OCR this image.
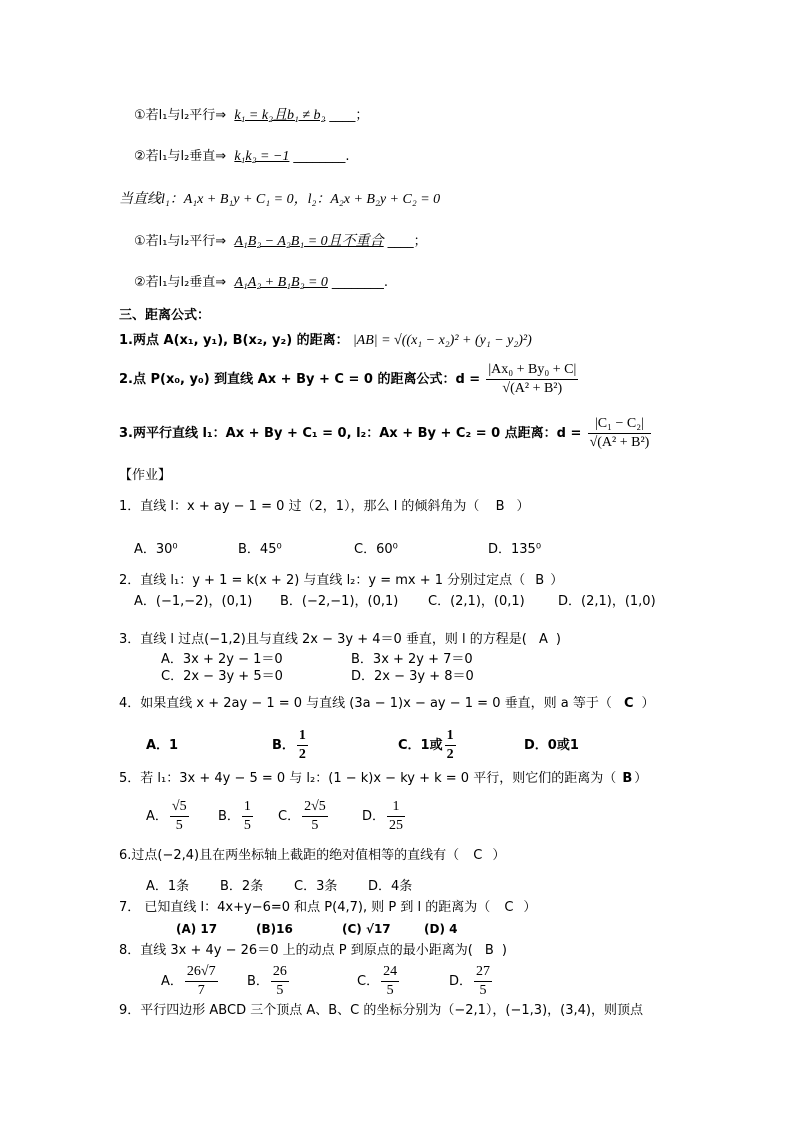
①若l₁与l₂平行⇒ k₁ = k₂且b₁ ≠ b₂ ____；
②若l₁与l₂垂直⇒ k₁k₂ = −1 ________.
当直线l₁：A₁x + B₁y + C₁ = 0，l₂：A₂x + B₂y + C₂ = 0
①若l₁与l₂平行⇒ A₁B₂ − A₂B₁ = 0且不重合 ____；
②若l₁与l₂垂直⇒ A₁A₂ + B₁B₂ = 0 ________.
三、距离公式：
1.两点 A(x₁, y₁), B(x₂, y₂) 的距离： |AB| = √((x₁ − x₂)² + (y₁ − y₂)²)
2.点 P(x₀, y₀) 到直线 Ax + By + C = 0 的距离公式：$d = \frac{\text{|Ax₀ + By₀ + C|}}{\text{√(A² + B²)}}$
3.两平行直线 l₁：Ax + By + C₁ = 0, l₂：Ax + By + C₂ = 0 点距离：$d = \frac{\text{|C₁ − C₂|}}{\text{√(A² + B²)}}$
【作业】
1．直线 l：x + ay − 1 = 0 过（2，1），那么 l 的倾斜角为（ B ）
A．30⁰	B．45⁰	C．60⁰	D．135⁰
2．直线 l₁：y + 1 = k(x + 2) 与直线 l₂：y = mx + 1 分别过定点（ B ）
A．(−1,−2)，(0,1) B．(−2,−1)，(0,1) C．(2,1)，(0,1)	D．(2,1)，(1,0)
3．直线 l 过点(−1,2)且与直线 2x − 3y + 4＝0 垂直，则 l 的方程是( A )
A．3x + 2y − 1＝0	B．3x + 2y + 7＝0
C．2x − 3y + 5＝0	D．2x − 3y + 8＝0
4．如果直线 x + 2ay − 1 = 0 与直线 (3a − 1)x − ay − 1 = 0 垂直，则 a 等于（ C ）
A．1	B． $\frac{1}{2}$	C．1或 $\frac{1}{2}$	D．0或1
5．若 l₁：3x + 4y − 5 = 0 与 l₂：(1 − k)x − ky + k = 0 平行，则它们的距离为（ B ）
A． $\frac{√5}{5}$ B． $\frac{1}{5}$ C． $\frac{2√5}{5}$	D． $\frac{1}{25}$
6.过点(−2,4)且在两坐标轴上截距的绝对值相等的直线有（ C ）
A．1条 B．2条 C．3条 D．4条
7． 已知直线 l：4x+y−6=0 和点 P(4,7), 则 P 到 l 的距离为（ C ）
(A) 17	(B)16	(C) √17	(D) 4
8．直线 3x + 4y − 26＝0 上的动点 P 到原点的最小距离为( B )
A． $\frac{26√7}{7}$ B． $\frac{26}{5}$	C． $\frac{24}{5}$	D． $\frac{27}{5}$
9．平行四边形 ABCD 三个顶点 A、B、C 的坐标分别为（−2,1），(−1,3)，(3,4)，则顶点
